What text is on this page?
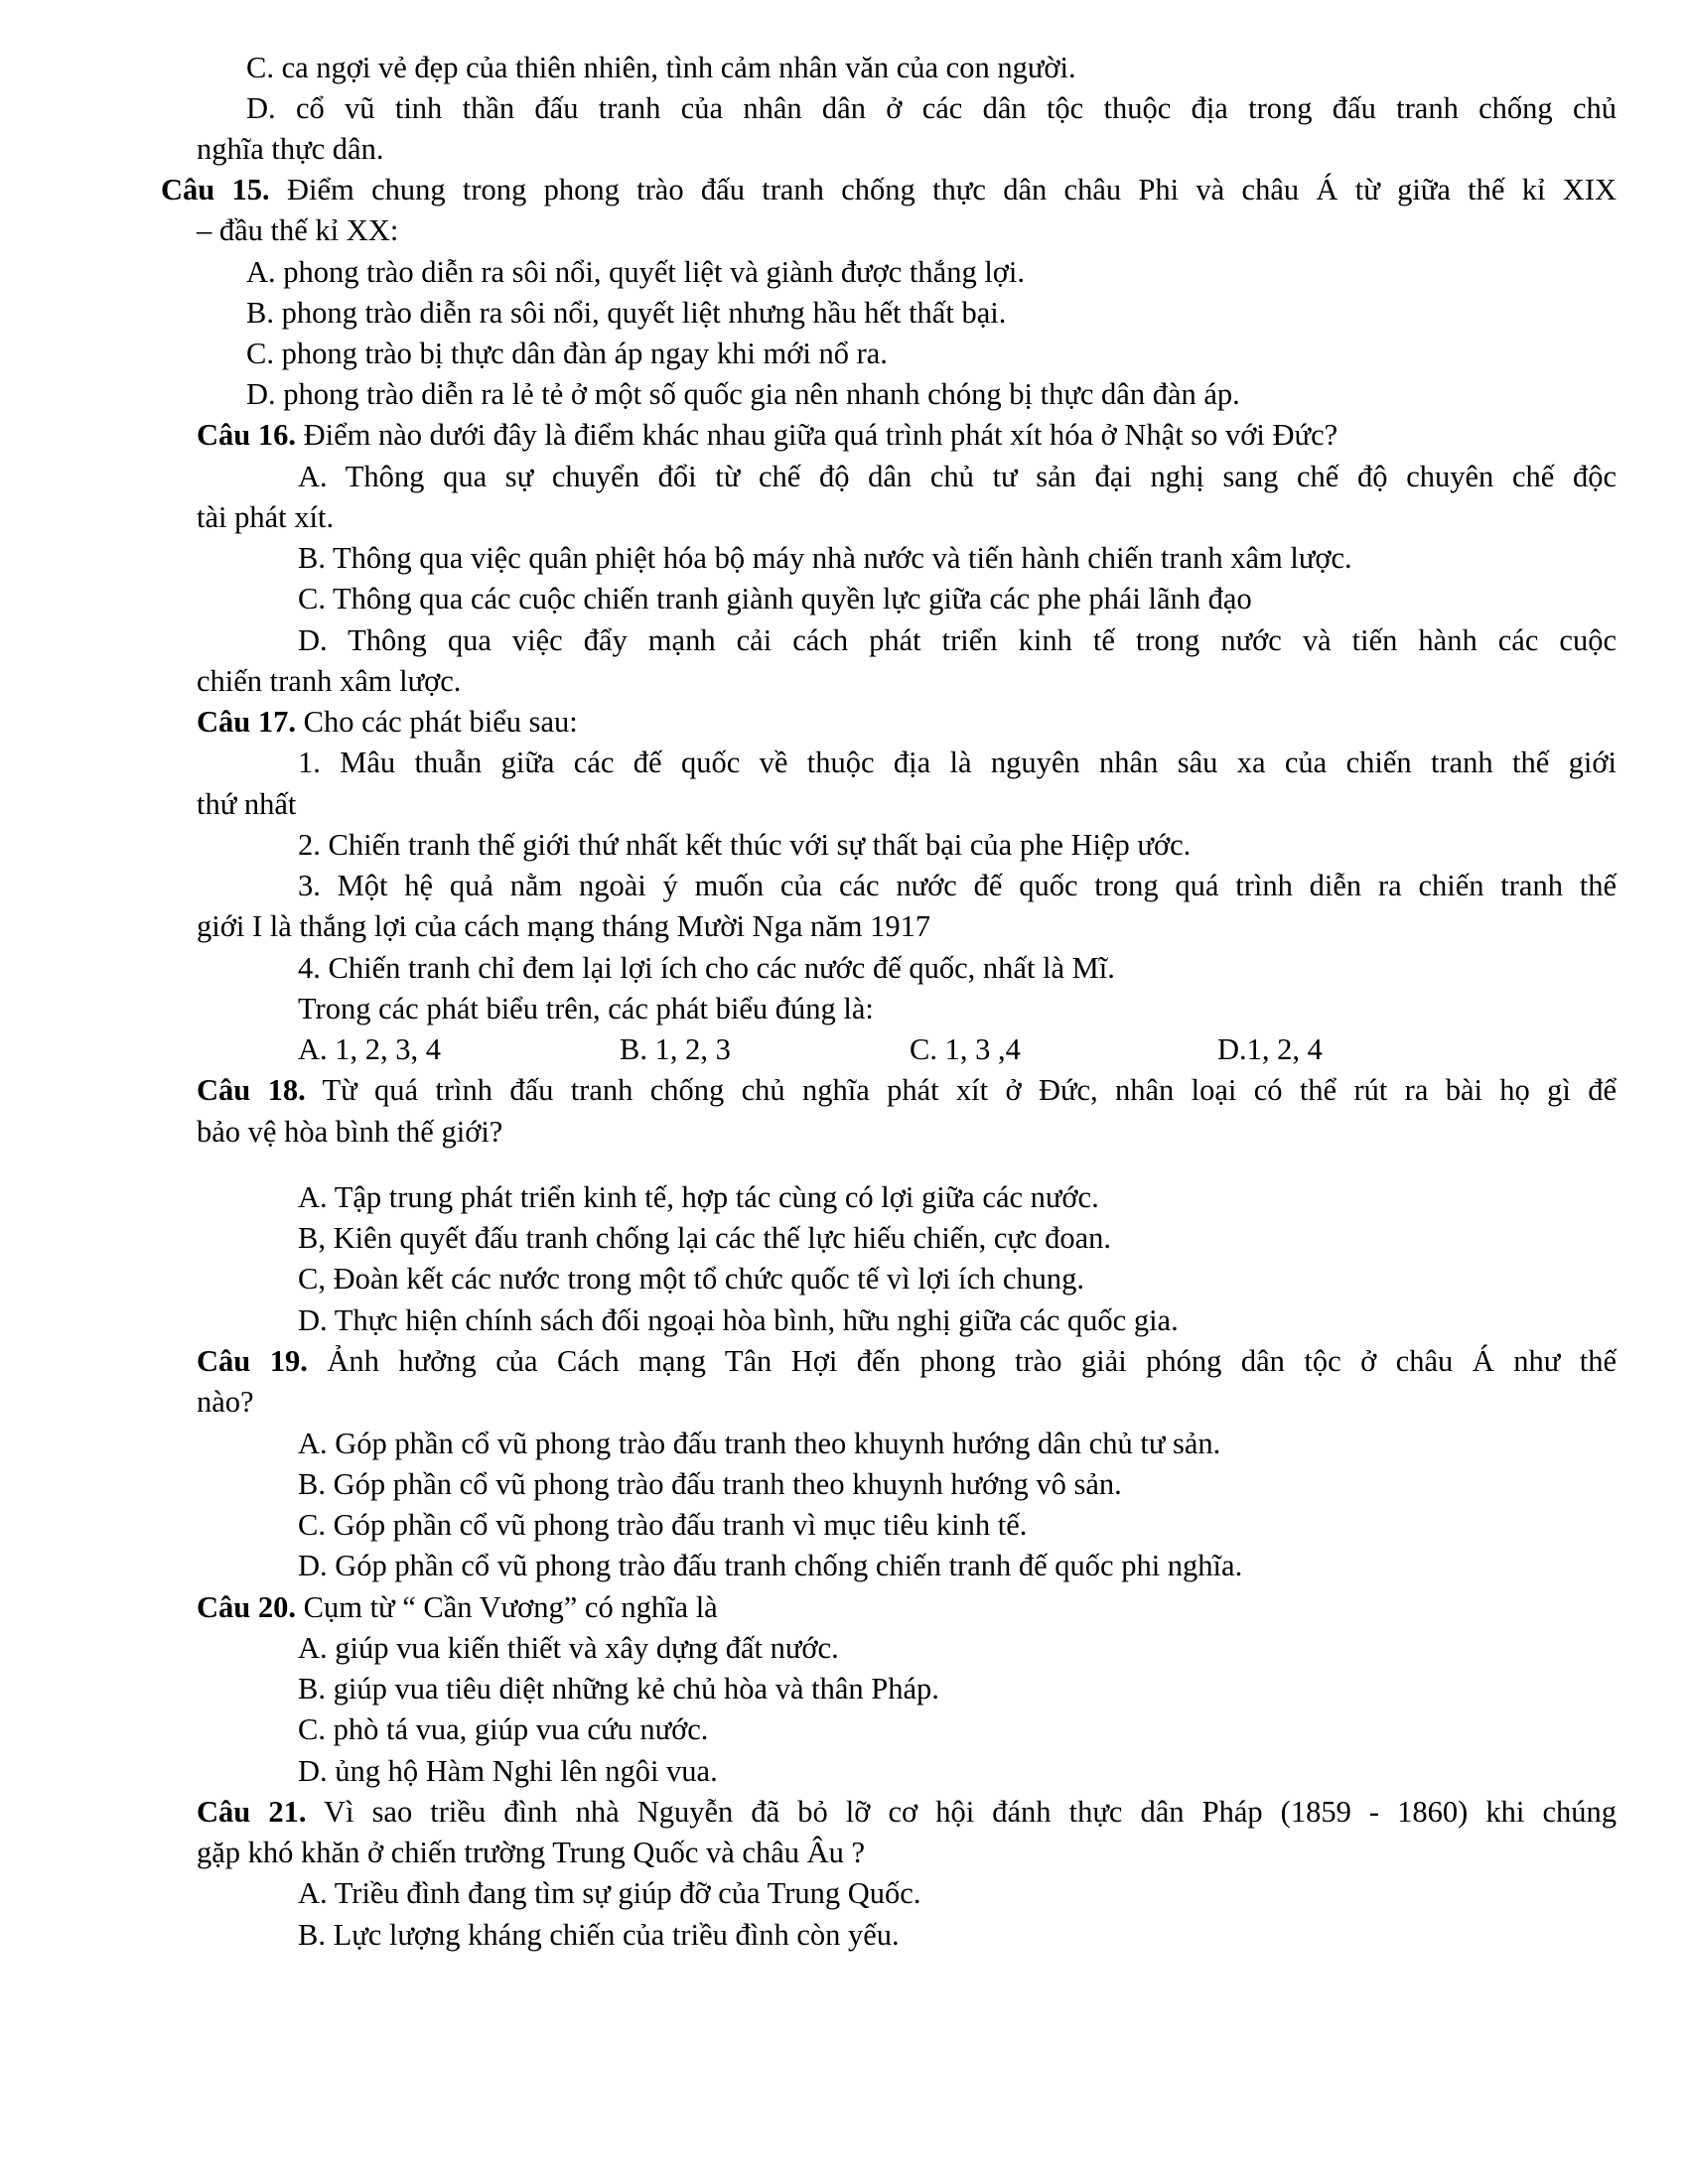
C. ca ngợi vẻ đẹp của thiên nhiên, tình cảm nhân văn của con người.
D. cổ vũ tinh thần đấu tranh của nhân dân ở các dân tộc thuộc địa trong đấu tranh chống chủ
nghĩa thực dân.
Câu 15. Điểm chung trong phong trào đấu tranh chống thực dân châu Phi và châu Á từ giữa thế kỉ XIX
– đầu thế kỉ XX:
A. phong trào diễn ra sôi nổi, quyết liệt và giành được thắng lợi.
B. phong trào diễn ra sôi nổi, quyết liệt nhưng hầu hết thất bại.
C. phong trào bị thực dân đàn áp ngay khi mới nổ ra.
D. phong trào diễn ra lẻ tẻ ở một số quốc gia nên nhanh chóng bị thực dân đàn áp.
Câu 16. Điểm nào dưới đây là điểm khác nhau giữa quá trình phát xít hóa ở Nhật so với Đức?
A. Thông qua sự chuyển đổi từ chế độ dân chủ tư sản đại nghị sang chế độ chuyên chế độc
tài phát xít.
B. Thông qua việc quân phiệt hóa bộ máy nhà nước và tiến hành chiến tranh xâm lược.
C. Thông qua các cuộc chiến tranh giành quyền lực giữa các phe phái lãnh đạo
D. Thông qua việc đẩy mạnh cải cách phát triển kinh tế trong nước và tiến hành các cuộc
chiến tranh xâm lược.
Câu 17. Cho các phát biểu sau:
1. Mâu thuẫn giữa các đế quốc về thuộc địa là nguyên nhân sâu xa của chiến tranh thế giới
thứ nhất
2. Chiến tranh thế giới thứ nhất kết thúc với sự thất bại của phe Hiệp ước.
3. Một hệ quả nằm ngoài ý muốn của các nước đế quốc trong quá trình diễn ra chiến tranh thế
giới I là thắng lợi của cách mạng tháng Mười Nga năm 1917
4. Chiến tranh chỉ đem lại lợi ích cho các nước đế quốc, nhất là Mĩ.
Trong các phát biểu trên, các phát biểu đúng là:
A. 1, 2, 3, 4	B. 1, 2, 3	C. 1, 3 ,4	D.1, 2, 4
Câu 18. Từ quá trình đấu tranh chống chủ nghĩa phát xít ở Đức, nhân loại có thể rút ra bài họ gì để
bảo vệ hòa bình thế giới?
A. Tập trung phát triển kinh tế, hợp tác cùng có lợi giữa các nước.
B, Kiên quyết đấu tranh chống lại các thế lực hiếu chiến, cực đoan.
C, Đoàn kết các nước trong một tổ chức quốc tế vì lợi ích chung.
D. Thực hiện chính sách đối ngoại hòa bình, hữu nghị giữa các quốc gia.
Câu 19. Ảnh hưởng của Cách mạng Tân Hợi đến phong trào giải phóng dân tộc ở châu Á như thế
nào?
A. Góp phần cổ vũ phong trào đấu tranh theo khuynh hướng dân chủ tư sản.
B. Góp phần cổ vũ phong trào đấu tranh theo khuynh hướng vô sản.
C. Góp phần cổ vũ phong trào đấu tranh vì mục tiêu kinh tế.
D. Góp phần cổ vũ phong trào đấu tranh chống chiến tranh đế quốc phi nghĩa.
Câu 20. Cụm từ “ Cần Vương” có nghĩa là
A. giúp vua kiến thiết và xây dựng đất nước.
B. giúp vua tiêu diệt những kẻ chủ hòa và thân Pháp.
C. phò tá vua, giúp vua cứu nước.
D. ủng hộ Hàm Nghi lên ngôi vua.
Câu 21. Vì sao triều đình nhà Nguyễn đã bỏ lỡ cơ hội đánh thực dân Pháp (1859 - 1860) khi chúng
gặp khó khăn ở chiến trường Trung Quốc và châu Âu ?
A. Triều đình đang tìm sự giúp đỡ của Trung Quốc.
B. Lực lượng kháng chiến của triều đình còn yếu.
